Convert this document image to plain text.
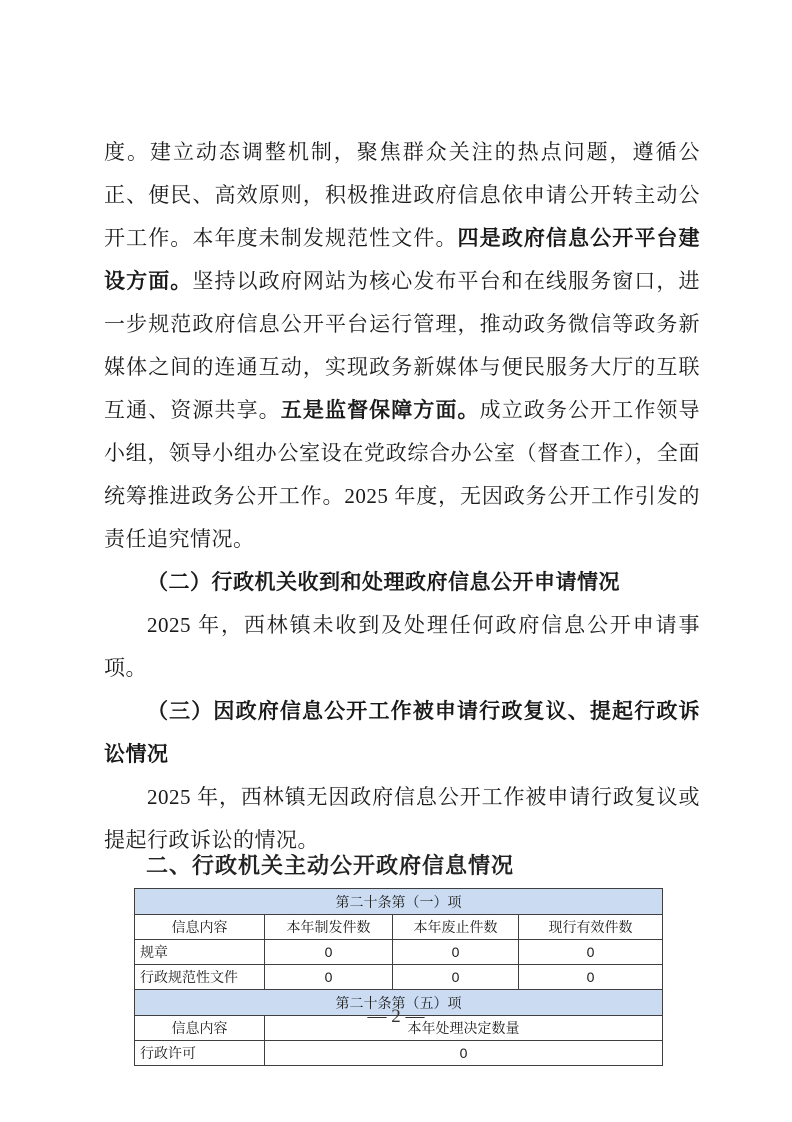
度。建立动态调整机制，聚焦群众关注的热点问题，遵循公正、便民、高效原则，积极推进政府信息依申请公开转主动公开工作。本年度未制发规范性文件。四是政府信息公开平台建设方面。坚持以政府网站为核心发布平台和在线服务窗口，进一步规范政府信息公开平台运行管理，推动政务微信等政务新媒体之间的连通互动，实现政务新媒体与便民服务大厅的互联互通、资源共享。五是监督保障方面。成立政务公开工作领导小组，领导小组办公室设在党政综合办公室（督查工作），全面统筹推进政务公开工作。2025 年度，无因政务公开工作引发的责任追究情况。

（二）行政机关收到和处理政府信息公开申请情况

2025 年，西林镇未收到及处理任何政府信息公开申请事项。

（三）因政府信息公开工作被申请行政复议、提起行政诉讼情况

2025 年，西林镇无因政府信息公开工作被申请行政复议或提起行政诉讼的情况。

二、行政机关主动公开政府信息情况
第二十条第（一）项			
信息内容	本年制发件数	本年废止件数	现行有效件数
规章	0	0	0
行政规范性文件	0	0	0
第二十条第（五）项			
信息内容	本年处理决定数量		
行政许可	0		
— 2 —
